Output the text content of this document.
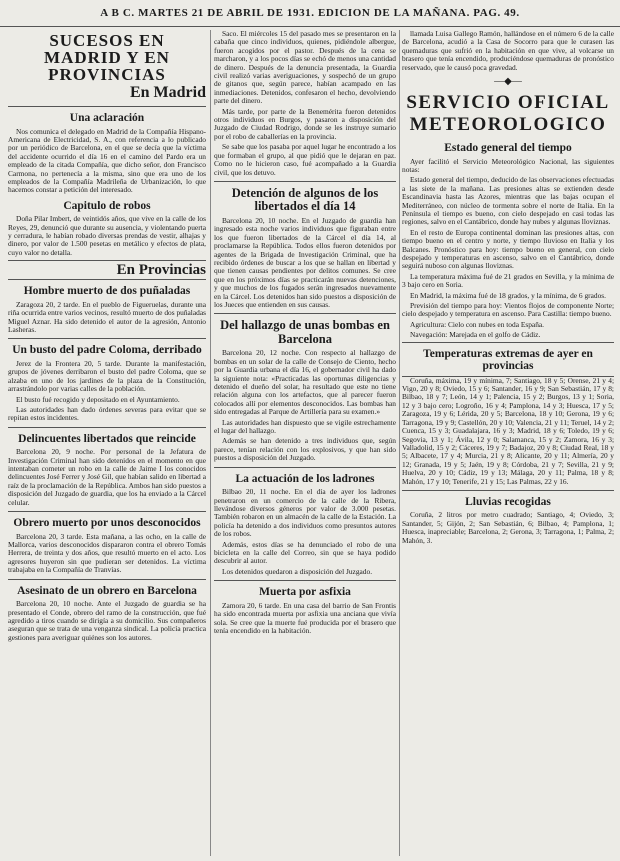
A B C. MARTES 21 DE ABRIL DE 1931. EDICION DE LA MAÑANA. PAG. 49.
SUCESOS EN MADRID Y EN PROVINCIAS
En Madrid
Una aclaración

Nos comunica el delegado en Madrid de la Compañía Hispano-Americana de Electricidad, S. A., con referencia a lo publicado por un periódico de Barcelona, en el que se decía que la víctima del accidente ocurrido el día 16 en el camino del Pardo era un empleado de la citada Compañía, que dicho señor, don Francisco Carmona, no pertenecía a la misma, sino que era uno de los empleados de la Compañía Madrileña de Urbanización, lo que hacemos constar a petición del interesado.

Capitulo de robos

Doña Pilar Imbert, de veintidós años, que vive en la calle de los Reyes, 29, denunció que durante su ausencia, y violentando puerta y cerradura, le habían robado diversas prendas de vestir, alhajas y dinero, por valor de 1.500 pesetas en metálico y efectos de plata, cuyo valor no detalla.

En Provincias
Hombre muerto de dos puñaladas

Zaragoza 20, 2 tarde. En el pueblo de Figueruelas, durante una riña ocurrida entre varios vecinos, resultó muerto de dos puñaladas Miguel Aznar. Ha sido detenido el autor de la agresión, Antonio Lasheras.

Un busto del padre Coloma, derribado

Jerez de la Frontera 20, 5 tarde. Durante la manifestación, grupos de jóvenes derribaron el busto del padre Coloma, que se alzaba en uno de los jardines de la plaza de la Constitución, arrastrándolo por varias calles de la población.

El busto fué recogido y depositado en el Ayuntamiento.

Las autoridades han dado órdenes severas para evitar que se repitan estos incidentes.

Delincuentes libertados que reincide

Barcelona 20, 9 noche. Por personal de la Jefatura de Investigación Criminal han sido detenidos en el momento en que intentaban cometer un robo en la calle de Jaime I los conocidos delincuentes José Ferrer y José Gil, que habían salido en libertad a raíz de la proclamación de la República. Ambos han sido puestos a disposición del Juzgado de guardia, que los ha enviado a la Cárcel celular.

Obrero muerto por unos desconocidos

Barcelona 20, 3 tarde. Esta mañana, a las ocho, en la calle de Mallorca, varios desconocidos dispararon contra el obrero Tomás Herrera, de treinta y dos años, que resultó muerto en el acto. Los agresores huyeron sin que pudieran ser detenidos. La víctima trabajaba en la Compañía de Tranvías.

Asesinato de un obrero en Barcelona

Barcelona 20, 10 noche. Ante el Juzgado de guardia se ha presentado el Conde, obrero del ramo de la construcción, que fué agredido a tiros cuando se dirigía a su domicilio. Sus compañeros aseguran que se trata de una venganza sindical. La policía practica gestiones para averiguar quiénes son los autores.

Saco. El miércoles 15 del pasado mes se presentaron en la cabaña que cinco individuos, quienes, pidiéndole albergue, fueron acogidos por el pastor. Después de la cena se marcharon, y a los pocos días se echó de menos una cantidad de dinero. Después de la denuncia presentada, la Guardia civil realizó varias averiguaciones, y sospechó de un grupo de gitanos que, según parece, habían acampado en las inmediaciones. Detenidos, confesaron el hecho, devolviendo parte del dinero.

Más tarde, por parte de la Benemérita fueron detenidos otros individuos en Burgos, y pasaron a disposición del Juzgado de Ciudad Rodrigo, donde se les instruye sumario por el robo de caballerías en la provincia.

Se sabe que los pasaba por aquel lugar he encontrado a los que formaban el grupo, al que pidió que le dejaran en paz. Como no le hicieron caso, fué acompañado a la Guardia civil, que los detuvo.

Detención de algunos de los libertados el día 14

Barcelona 20, 10 noche. En el Juzgado de guardia han ingresado esta noche varios individuos que figuraban entre los que fueron libertados de la Cárcel el día 14, al proclamarse la República. Todos ellos fueron detenidos por agentes de la Brigada de Investigación Criminal, que ha recibido órdenes de buscar a los que se hallan en libertad y que tienen causas pendientes por delitos comunes. Se cree que en los próximos días se practicarán nuevas detenciones, y que muchos de los fugados serán ingresados nuevamente en la Cárcel. Los detenidos han sido puestos a disposición de los Jueces que entienden en sus causas.

Del hallazgo de unas bombas en Barcelona

Barcelona 20, 12 noche. Con respecto al hallazgo de bombas en un solar de la calle de Consejo de Ciento, hecho por la Guardia urbana el día 16, el gobernador civil ha dado la siguiente nota: «Practicadas las oportunas diligencias y detenido el dueño del solar, ha resultado que este no tiene relación alguna con los artefactos, que al parecer fueron colocados allí por elementos desconocidos. Las bombas han sido entregadas al Parque de Artillería para su examen.»

Las autoridades han dispuesto que se vigile estrechamente el lugar del hallazgo.

Además se han detenido a tres individuos que, según parece, tenían relación con los explosivos, y que han sido puestos a disposición del Juzgado.

La actuación de los ladrones

Bilbao 20, 11 noche. En el día de ayer los ladrones penetraron en un comercio de la calle de la Ribera, llevándose diversos géneros por valor de 3.000 pesetas. También robaron en un almacén de la calle de la Estación. La policía ha detenido a dos individuos como presuntos autores de los robos.

Además, estos días se ha denunciado el robo de una bicicleta en la calle del Correo, sin que se haya podido descubrir al autor.

Los detenidos quedaron a disposición del Juzgado.

Muerta por asfixia

Zamora 20, 6 tarde. En una casa del barrio de San Frontis ha sido encontrada muerta por asfixia una anciana que vivía sola. Se cree que la muerte fué producida por el brasero que tenía encendido en la habitación.

llamada Luisa Gallego Ramón, hallándose en el número 6 de la calle de Barcelona, acudió a la Casa de Socorro para que le curasen las quemaduras que sufrió en la habitación en que vive, al volcarse un brasero que tenía encendido, produciéndose quemaduras de pronóstico reservado, que le causó poca gravedad.

—◆—
SERVICIO OFICIAL METEOROLOGICO
Estado general del tiempo

Ayer facilitó el Servicio Meteorológico Nacional, las siguientes notas:

Estado general del tiempo, deducido de las observaciones efectuadas a las siete de la mañana. Las presiones altas se extienden desde Escandinavia hasta las Azores, mientras que las bajas ocupan el Mediterráneo, con núcleo de tormenta sobre el norte de Italia. En la Península el tiempo es bueno, con cielo despejado en casi todas las regiones, salvo en el Cantábrico, donde hay nubes y algunas lloviznas.

En el resto de Europa continental dominan las presiones altas, con tiempo bueno en el centro y norte, y tiempo lluvioso en Italia y los Balcanes. Pronóstico para hoy: tiempo bueno en general, con cielo despejado y temperaturas en ascenso, salvo en el Cantábrico, donde seguirá nuboso con algunas lloviznas.

La temperatura máxima fué de 21 grados en Sevilla, y la mínima de 3 bajo cero en Soria.

En Madrid, la máxima fué de 18 grados, y la mínima, de 6 grados.

Previsión del tiempo para hoy: Vientos flojos de componente Norte; cielo despejado y temperatura en ascenso. Para Castilla: tiempo bueno.

Agricultura: Cielo con nubes en toda España.

Navegación: Marejada en el golfo de Cádiz.

Temperaturas extremas de ayer en provincias

Coruña, máxima, 19 y mínima, 7; Santiago, 18 y 5; Orense, 21 y 4; Vigo, 20 y 8; Oviedo, 15 y 6; Santander, 16 y 9; San Sebastián, 17 y 8; Bilbao, 18 y 7; León, 14 y 1; Palencia, 15 y 2; Burgos, 13 y 1; Soria, 12 y 3 bajo cero; Logroño, 16 y 4; Pamplona, 14 y 3; Huesca, 17 y 5; Zaragoza, 19 y 6; Lérida, 20 y 5; Barcelona, 18 y 10; Gerona, 19 y 6; Tarragona, 19 y 9; Castellón, 20 y 10; Valencia, 21 y 11; Teruel, 14 y 2; Cuenca, 15 y 3; Guadalajara, 16 y 3; Madrid, 18 y 6; Toledo, 19 y 6; Segovia, 13 y 1; Ávila, 12 y 0; Salamanca, 15 y 2; Zamora, 16 y 3; Valladolid, 15 y 2; Cáceres, 19 y 7; Badajoz, 20 y 8; Ciudad Real, 18 y 5; Albacete, 17 y 4; Murcia, 21 y 8; Alicante, 20 y 11; Almería, 20 y 12; Granada, 19 y 5; Jaén, 19 y 8; Córdoba, 21 y 7; Sevilla, 21 y 9; Huelva, 20 y 10; Cádiz, 19 y 13; Málaga, 20 y 11; Palma, 18 y 8; Mahón, 17 y 10; Tenerife, 21 y 15; Las Palmas, 22 y 16.

Lluvias recogidas

Coruña, 2 litros por metro cuadrado; Santiago, 4; Oviedo, 3; Santander, 5; Gijón, 2; San Sebastián, 6; Bilbao, 4; Pamplona, 1; Huesca, inapreciable; Barcelona, 2; Gerona, 3; Tarragona, 1; Palma, 2; Mahón, 3.
